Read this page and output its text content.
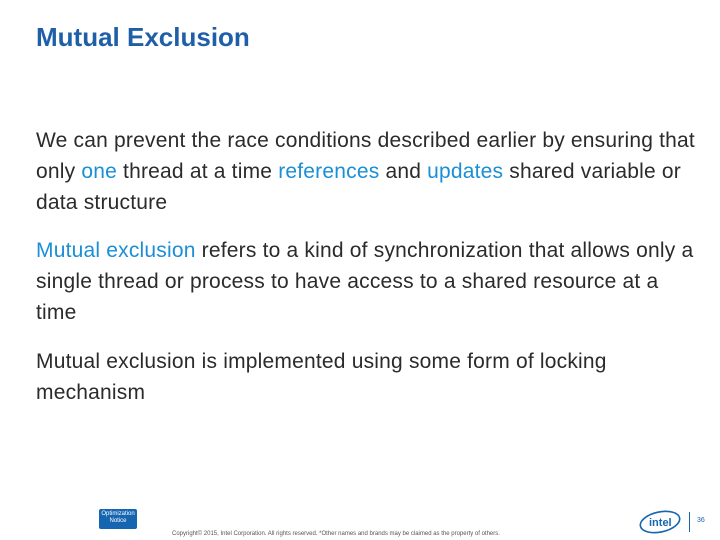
Mutual Exclusion
We can prevent the race conditions described earlier by ensuring that only one thread at a time references and updates shared variable or data structure
Mutual exclusion refers to a kind of synchronization that allows only a single thread or process to have access to a shared resource at a time
Mutual exclusion is implemented using some form of locking mechanism
Optimization
Notice
Copyright© 2015, Intel Corporation. All rights reserved. *Other names and brands may be claimed as the property of others.
intel	36
